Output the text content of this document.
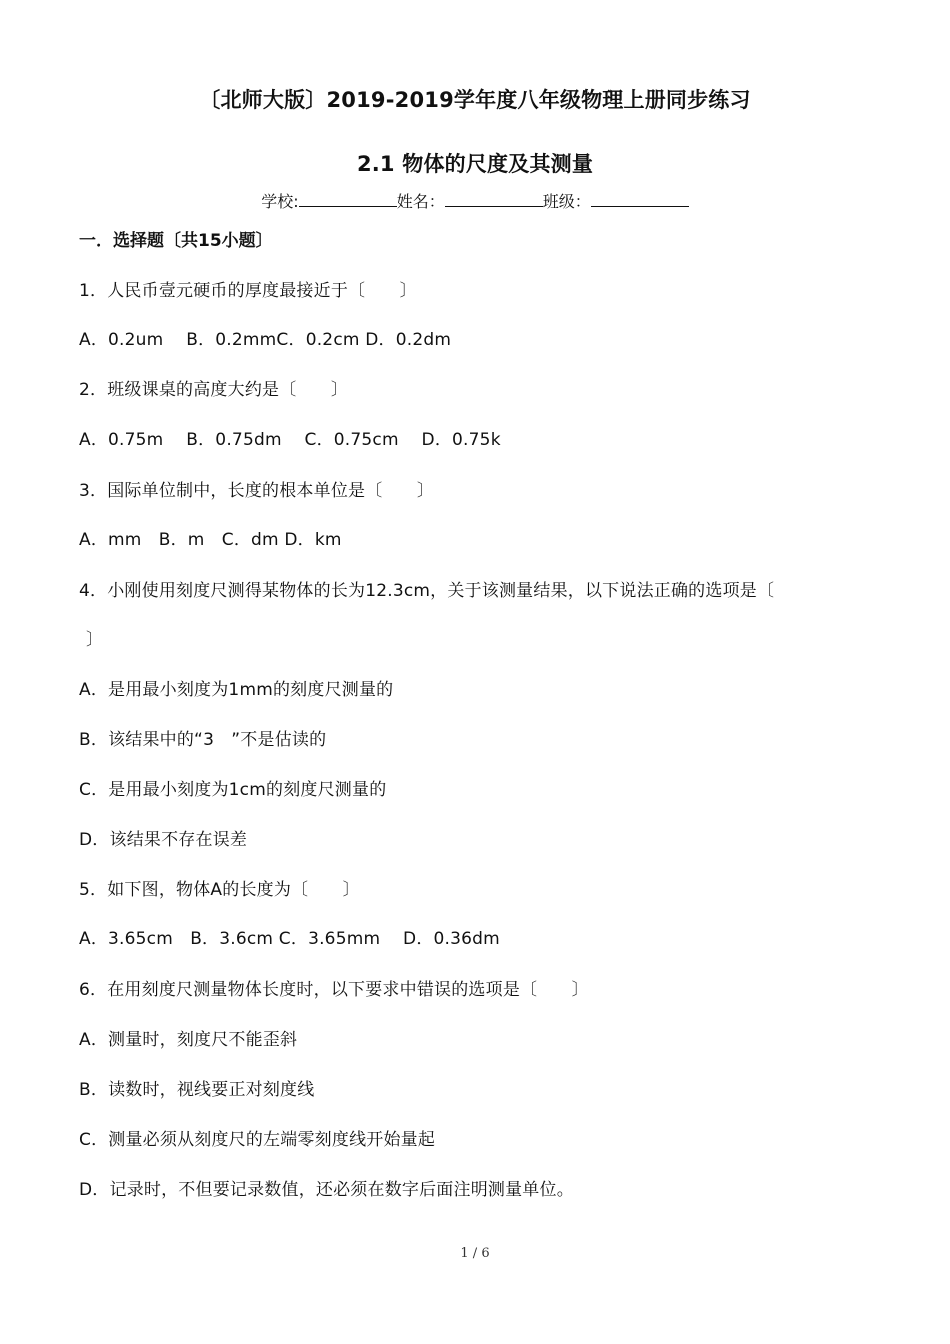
〔北师大版〕2019-2019学年度八年级物理上册同步练习
2.1 物体的尺度及其测量
学校:	姓名：	班级：
一．选择题〔共15小题〕
1．人民币壹元硬币的厚度最接近于〔　　〕
A．0.2um　 B．0.2mmC．0.2cm D．0.2dm
2．班级课桌的高度大约是〔　　〕
A．0.75m　 B．0.75dm　 C．0.75cm　 D．0.75k
3．国际单位制中，长度的根本单位是〔　　〕
A．mm　B．m　C．dm D．km
4．小刚使用刻度尺测得某物体的长为12.3cm，关于该测量结果，以下说法正确的选项是〔
〕
A．是用最小刻度为1mm的刻度尺测量的
B．该结果中的“3　”不是估读的
C．是用最小刻度为1cm的刻度尺测量的
D．该结果不存在误差
5．如下图，物体A的长度为〔　　〕
A．3.65cm　B．3.6cm C．3.65mm　 D．0.36dm
6．在用刻度尺测量物体长度时，以下要求中错误的选项是〔　　〕
A．测量时，刻度尺不能歪斜
B．读数时，视线要正对刻度线
C．测量必须从刻度尺的左端零刻度线开始量起
D．记录时，不但要记录数值，还必须在数字后面注明测量单位。
1 / 6
